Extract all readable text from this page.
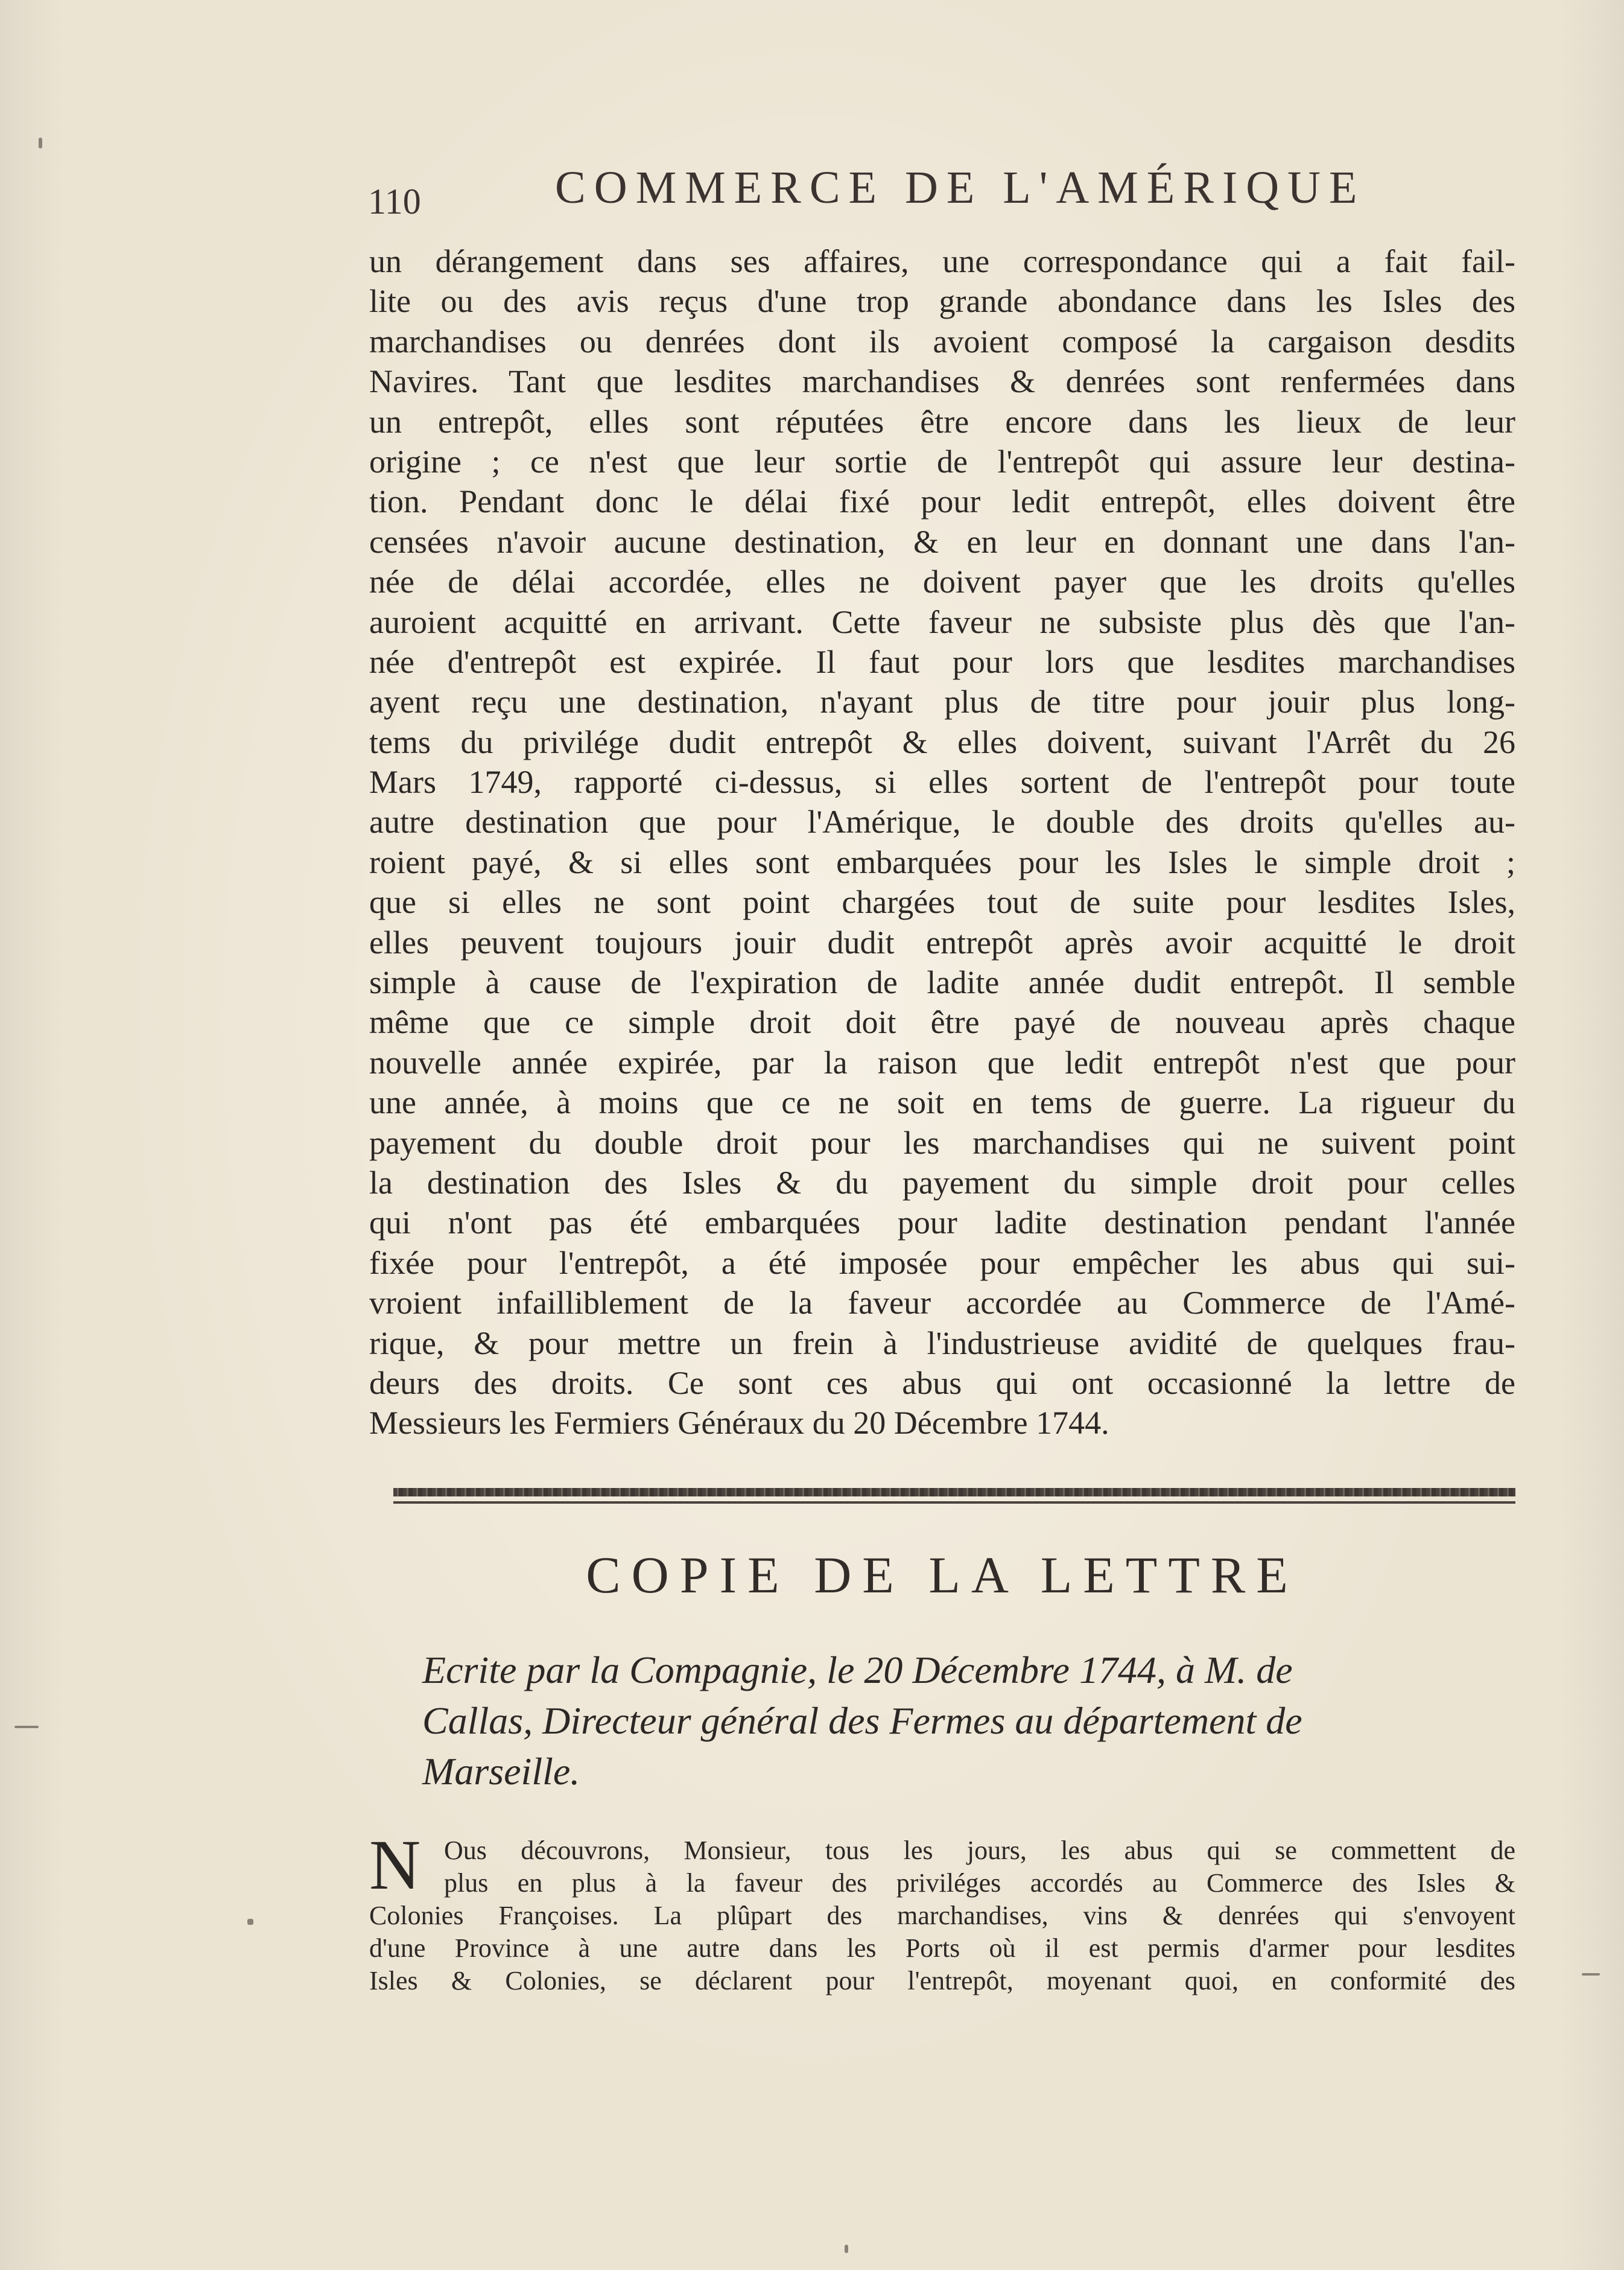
110	COMMERCE DE L'AMÉRIQUE
un dérangement dans ses affaires, une correspondance qui a fait fail-
lite ou des avis reçus d'une trop grande abondance dans les Isles des
marchandises ou denrées dont ils avoient composé la cargaison desdits
Navires. Tant que lesdites marchandises & denrées sont renfermées dans
un entrepôt, elles sont réputées être encore dans les lieux de leur
origine ; ce n'est que leur sortie de l'entrepôt qui assure leur destina-
tion. Pendant donc le délai fixé pour ledit entrepôt, elles doivent être
censées n'avoir aucune destination, & en leur en donnant une dans l'an-
née de délai accordée, elles ne doivent payer que les droits qu'elles
auroient acquitté en arrivant. Cette faveur ne subsiste plus dès que l'an-
née d'entrepôt est expirée. Il faut pour lors que lesdites marchandises
ayent reçu une destination, n'ayant plus de titre pour jouir plus long-
tems du privilége dudit entrepôt & elles doivent, suivant l'Arrêt du 26
Mars 1749, rapporté ci-dessus, si elles sortent de l'entrepôt pour toute
autre destination que pour l'Amérique, le double des droits qu'elles au-
roient payé, & si elles sont embarquées pour les Isles le simple droit ;
que si elles ne sont point chargées tout de suite pour lesdites Isles,
elles peuvent toujours jouir dudit entrepôt après avoir acquitté le droit
simple à cause de l'expiration de ladite année dudit entrepôt. Il semble
même que ce simple droit doit être payé de nouveau après chaque
nouvelle année expirée, par la raison que ledit entrepôt n'est que pour
une année, à moins que ce ne soit en tems de guerre. La rigueur du
payement du double droit pour les marchandises qui ne suivent point
la destination des Isles & du payement du simple droit pour celles
qui n'ont pas été embarquées pour ladite destination pendant l'année
fixée pour l'entrepôt, a été imposée pour empêcher les abus qui sui-
vroient infailliblement de la faveur accordée au Commerce de l'Amé-
rique, & pour mettre un frein à l'industrieuse avidité de quelques frau-
deurs des droits. Ce sont ces abus qui ont occasionné la lettre de
Messieurs les Fermiers Généraux du 20 Décembre 1744.
COPIE DE LA LETTRE
Ecrite par la Compagnie, le 20 Décembre 1744, à M. de
Callas, Directeur général des Fermes au département de
Marseille.
N Ous découvrons, Monsieur, tous les jours, les abus qui se commettent de
plus en plus à la faveur des priviléges accordés au Commerce des Isles &
Colonies Françoises. La plûpart des marchandises, vins & denrées qui s'envoyent
d'une Province à une autre dans les Ports où il est permis d'armer pour lesdites
Isles & Colonies, se déclarent pour l'entrepôt, moyenant quoi, en conformité des
